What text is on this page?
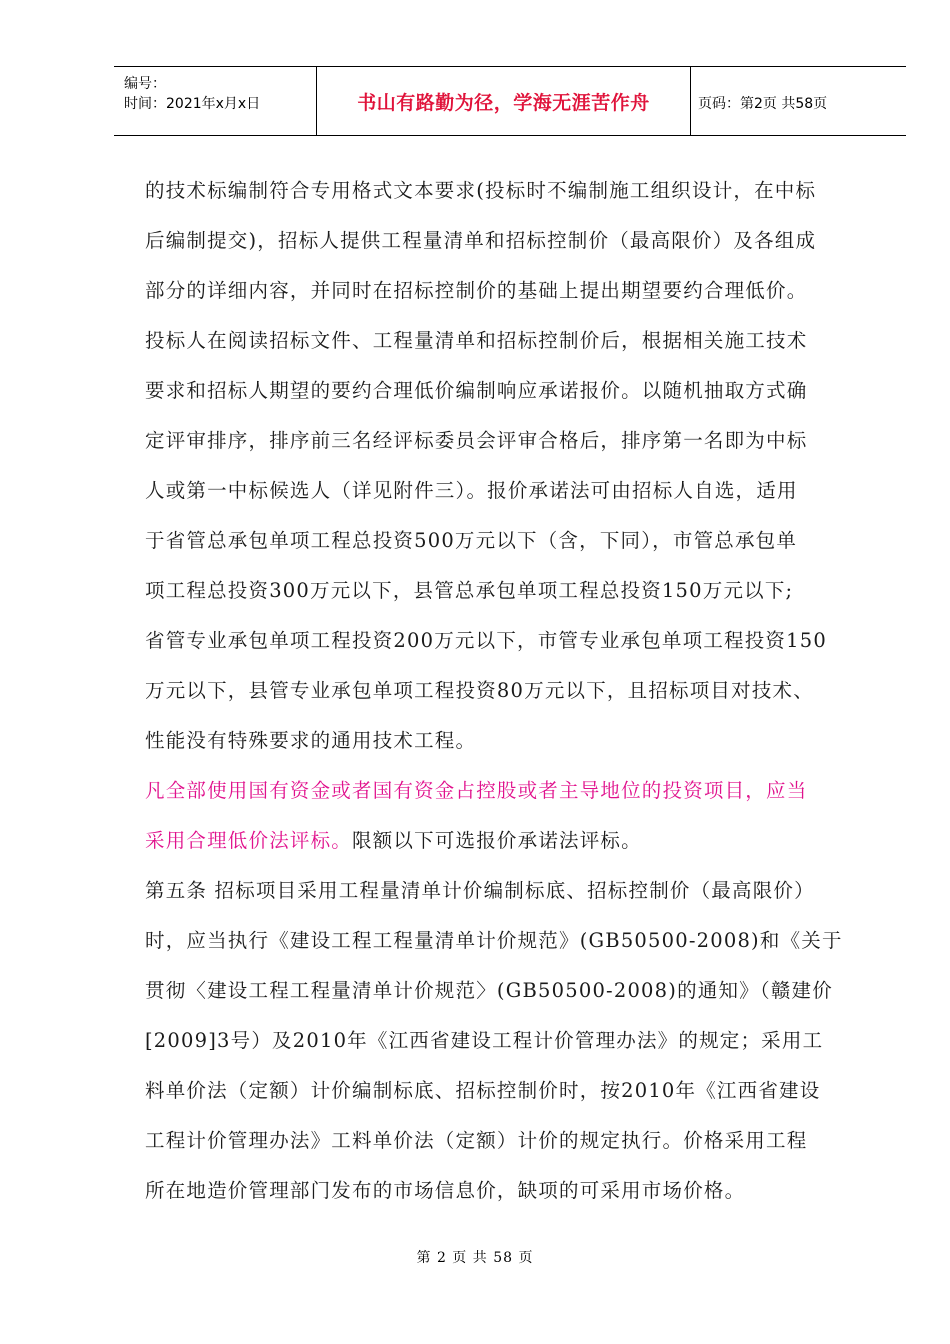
编号：
时间：2021年x月x日	书山有路勤为径，学海无涯苦作舟	页码：第2页 共58页

的技术标编制符合专用格式文本要求(投标时不编制施工组织设计，在中标

后编制提交)，招标人提供工程量清单和招标控制价（最高限价）及各组成

部分的详细内容，并同时在招标控制价的基础上提出期望要约合理低价。

投标人在阅读招标文件、工程量清单和招标控制价后，根据相关施工技术

要求和招标人期望的要约合理低价编制响应承诺报价。以随机抽取方式确

定评审排序，排序前三名经评标委员会评审合格后，排序第一名即为中标

人或第一中标候选人（详见附件三）。报价承诺法可由招标人自选，适用

于省管总承包单项工程总投资500万元以下（含，下同），市管总承包单

项工程总投资300万元以下，县管总承包单项工程总投资150万元以下;

省管专业承包单项工程投资200万元以下，市管专业承包单项工程投资150

万元以下，县管专业承包单项工程投资80万元以下，且招标项目对技术、

性能没有特殊要求的通用技术工程。

凡全部使用国有资金或者国有资金占控股或者主导地位的投资项目，应当

采用合理低价法评标。限额以下可选报价承诺法评标。

第五条 招标项目采用工程量清单计价编制标底、招标控制价（最高限价）

时，应当执行《建设工程工程量清单计价规范》(GB50500-2008)和《关于

贯彻〈建设工程工程量清单计价规范〉(GB50500-2008)的通知》（赣建价

[2009]3号）及2010年《江西省建设工程计价管理办法》的规定；采用工

料单价法（定额）计价编制标底、招标控制价时，按2010年《江西省建设

工程计价管理办法》工料单价法（定额）计价的规定执行。价格采用工程

所在地造价管理部门发布的市场信息价，缺项的可采用市场价格。

第 2 页 共 58 页
